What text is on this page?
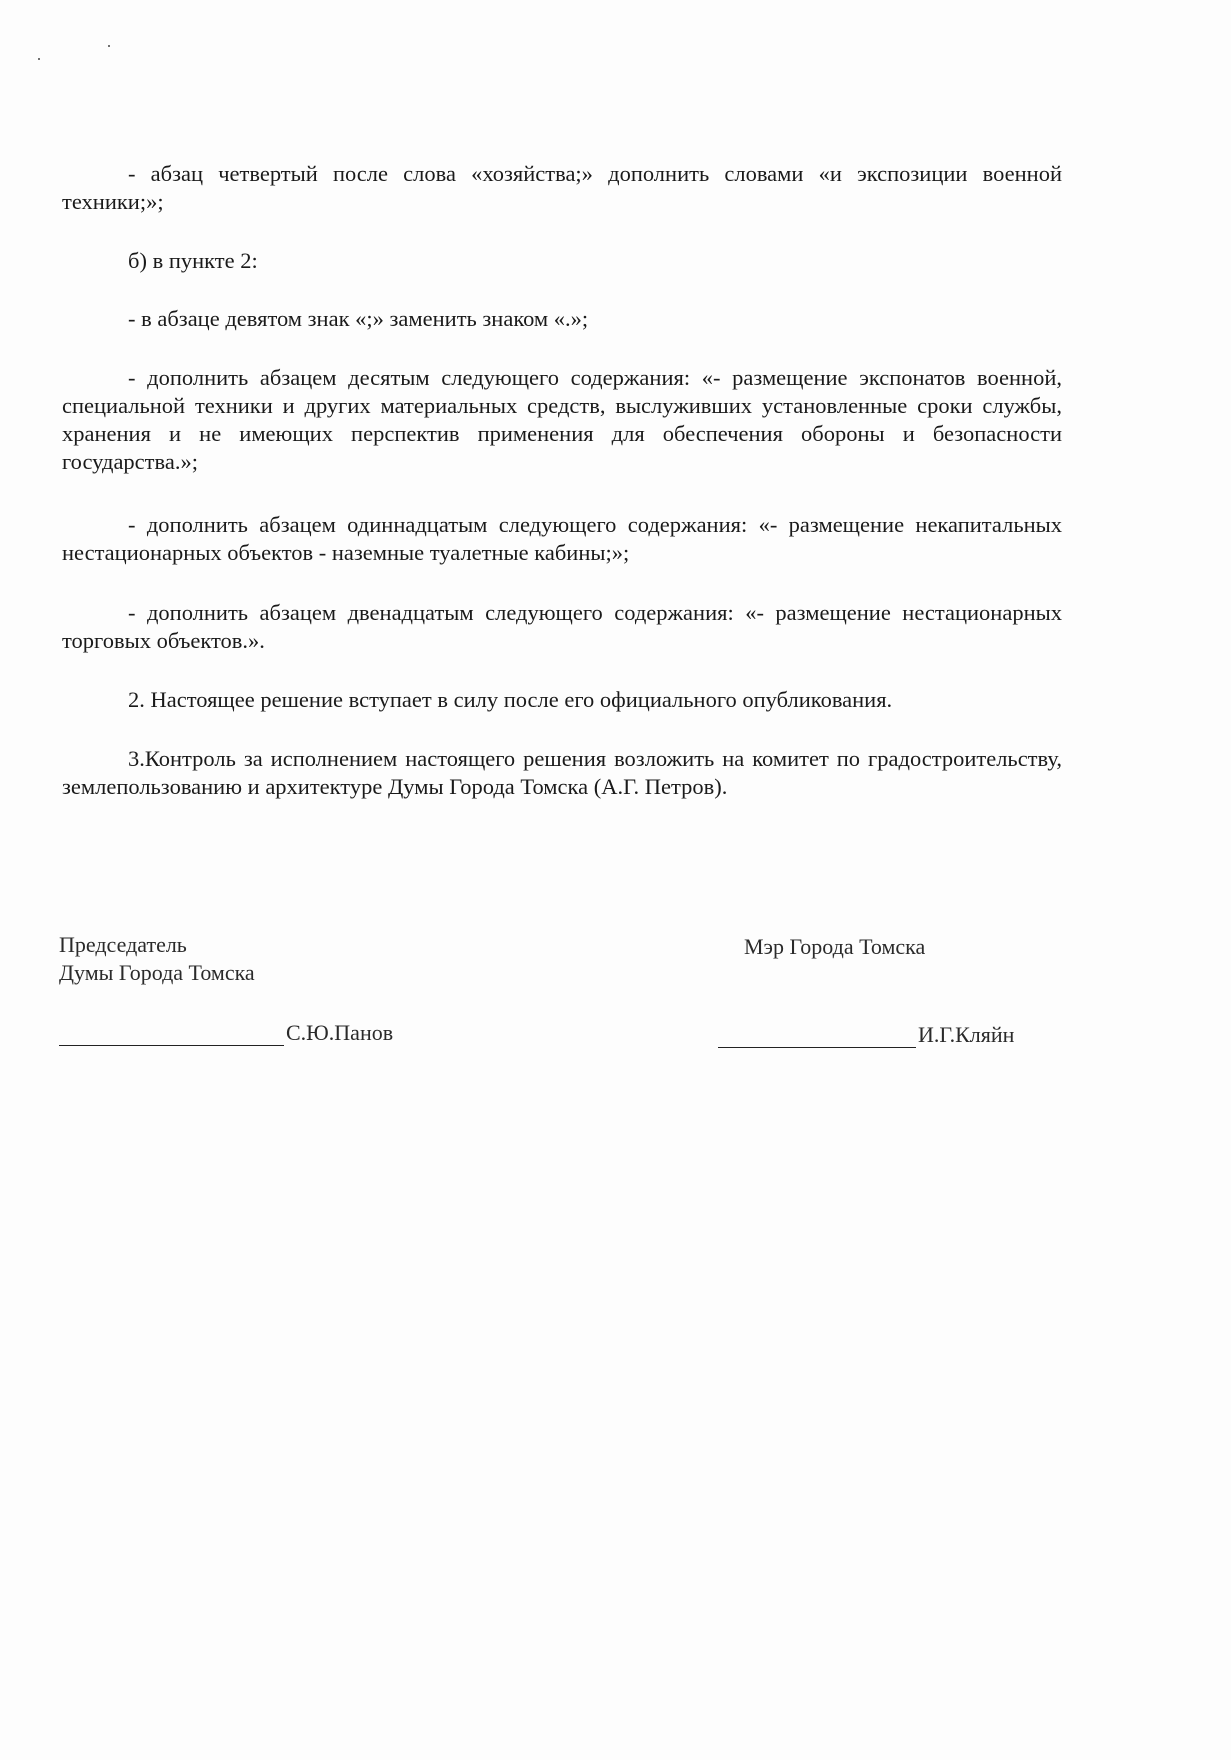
- абзац четвертый после слова «хозяйства;» дополнить словами «и экспозиции военной техники;»;

б) в пункте 2:

- в абзаце девятом знак «;» заменить знаком «.»;

- дополнить абзацем десятым следующего содержания: «- размещение экспонатов военной, специальной техники и других материальных средств, выслуживших установленные сроки службы, хранения и не имеющих перспектив применения для обеспечения обороны и безопасности государства.»;

- дополнить абзацем одиннадцатым следующего содержания: «- размещение некапитальных нестационарных объектов - наземные туалетные кабины;»;

- дополнить абзацем двенадцатым следующего содержания: «- размещение нестационарных торговых объектов.».

2. Настоящее решение вступает в силу после его официального опубликования.

3.Контроль за исполнением настоящего решения возложить на комитет по градостроительству, землепользованию и архитектуре Думы Города Томска (А.Г. Петров).

Председатель

Думы Города Томска

С.Ю.Панов

Мэр Города Томска

И.Г.Кляйн
